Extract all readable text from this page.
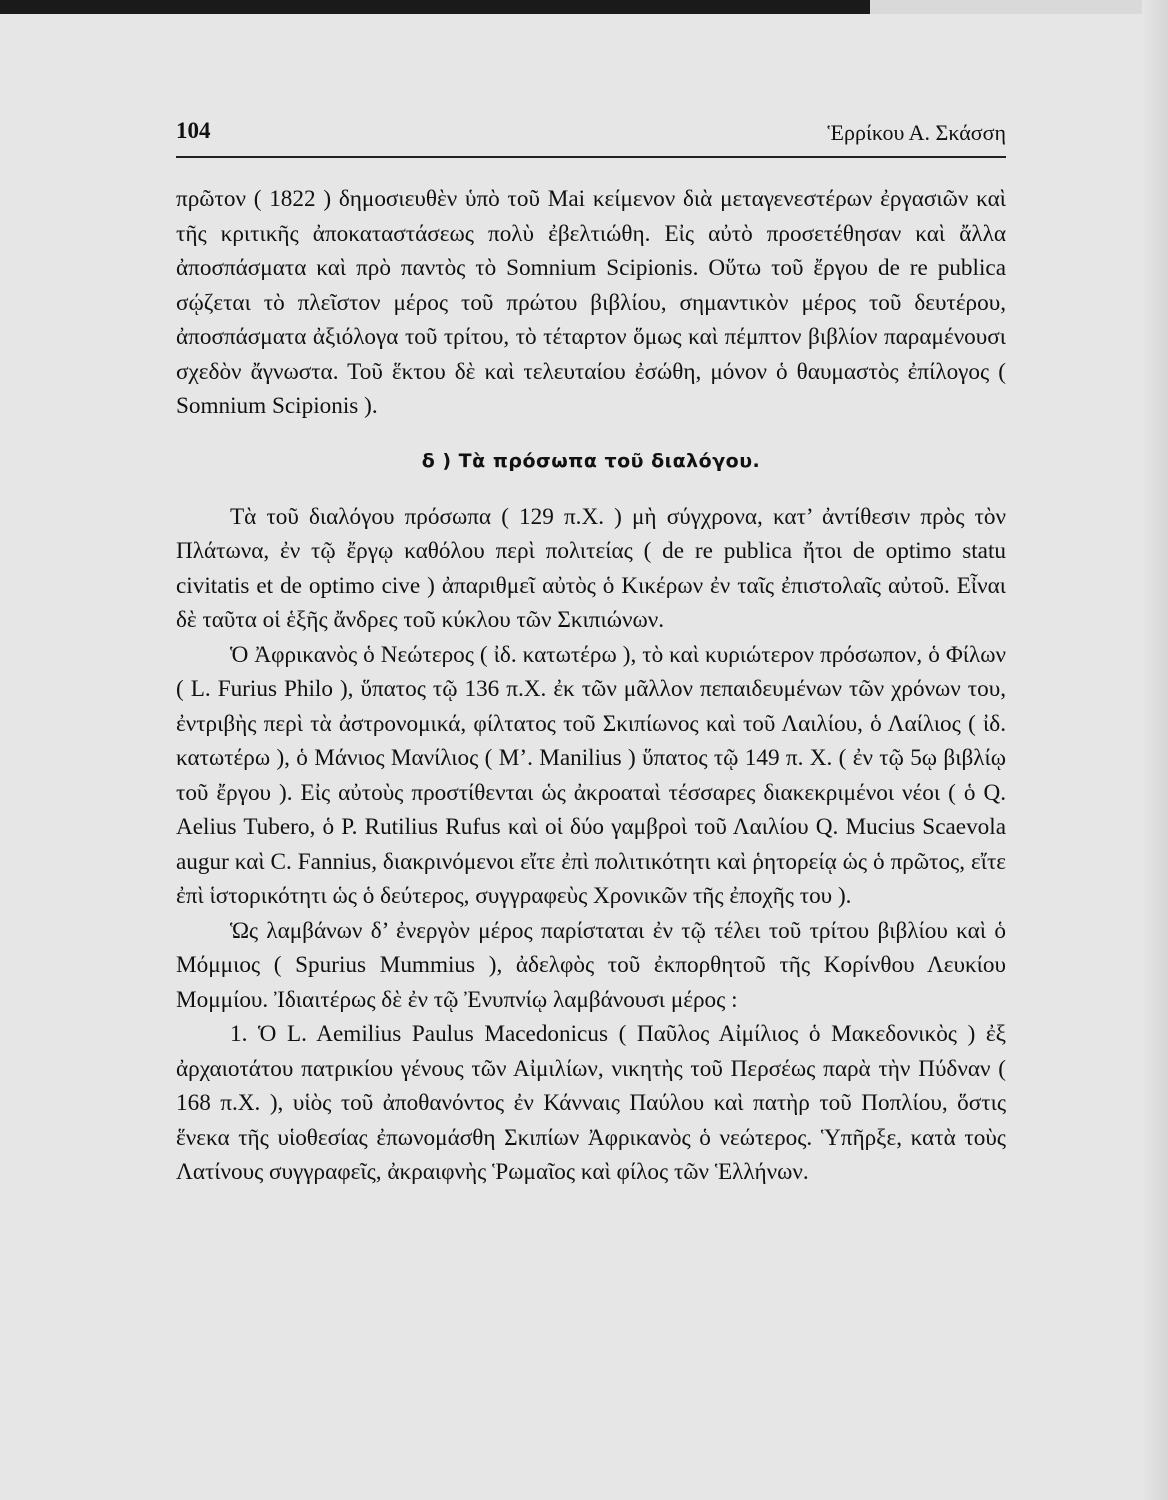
104	Ἑρρίκου Α. Σκάσση

πρῶτον ( 1822 ) δημοσιευθὲν ὑπὸ τοῦ Mai κείμενον διὰ μεταγενεστέρων ἐργασιῶν καὶ τῆς κριτικῆς ἀποκαταστάσεως πολὺ ἐβελτιώθη. Εἰς αὐτὸ προσετέθησαν καὶ ἄλλα ἀποσπάσματα καὶ πρὸ παντὸς τὸ Somnium Scipionis. Οὕτω τοῦ ἔργου de re publica σῴζεται τὸ πλεῖστον μέρος τοῦ πρώτου βιβλίου, σημαντικὸν μέρος τοῦ δευτέρου, ἀποσπάσματα ἀξιόλογα τοῦ τρίτου, τὸ τέταρτον ὅμως καὶ πέμπτον βιβλίον παραμένουσι σχεδὸν ἄγνωστα. Τοῦ ἕκτου δὲ καὶ τελευταίου ἐσώθη, μόνον ὁ θαυμαστὸς ἐπίλογος ( Somnium Scipionis ).

δ ) Τὰ πρόσωπα τοῦ διαλόγου.

Τὰ τοῦ διαλόγου πρόσωπα ( 129 π.Χ. ) μὴ σύγχρονα, κατ’ ἀντίθεσιν πρὸς τὸν Πλάτωνα, ἐν τῷ ἔργῳ καθόλου περὶ πολιτείας ( de re publica ἤτοι de optimo statu civitatis et de optimo cive ) ἀπαριθμεῖ αὐτὸς ὁ Κικέρων ἐν ταῖς ἐπιστολαῖς αὐτοῦ. Εἶναι δὲ ταῦτα οἱ ἑξῆς ἄνδρες τοῦ κύκλου τῶν Σκιπιώνων.

Ὁ Ἀφρικανὸς ὁ Νεώτερος ( ἰδ. κατωτέρω ), τὸ καὶ κυριώτερον πρόσωπον, ὁ Φίλων ( L. Furius Philo ), ὕπατος τῷ 136 π.Χ. ἐκ τῶν μᾶλλον πεπαιδευμένων τῶν χρόνων του, ἐντριβὴς περὶ τὰ ἀστρονομικά, φίλτατος τοῦ Σκιπίωνος καὶ τοῦ Λαιλίου, ὁ Λαίλιος ( ἰδ. κατωτέρω ), ὁ Μάνιος Μανίλιος ( M’. Manilius ) ὕπατος τῷ 149 π. Χ. ( ἐν τῷ 5ῳ βιβλίῳ τοῦ ἔργου ). Εἰς αὐτοὺς προστίθενται ὡς ἀκροαταὶ τέσσαρες διακεκριμένοι νέοι ( ὁ Q. Aelius Tubero, ὁ P. Rutilius Rufus καὶ οἱ δύο γαμβροὶ τοῦ Λαιλίου Q. Mucius Scaevola augur καὶ C. Fannius, διακρινόμενοι εἴτε ἐπὶ πολιτικότητι καὶ ῥητορείᾳ ὡς ὁ πρῶτος, εἴτε ἐπὶ ἱστορικότητι ὡς ὁ δεύτερος, συγγραφεὺς Χρονικῶν τῆς ἐποχῆς του ).

Ὡς λαμβάνων δ’ ἐνεργὸν μέρος παρίσταται ἐν τῷ τέλει τοῦ τρίτου βιβλίου καὶ ὁ Μόμμιος ( Spurius Mummius ), ἀδελφὸς τοῦ ἐκπορθητοῦ τῆς Κορίνθου Λευκίου Μομμίου. Ἰδιαιτέρως δὲ ἐν τῷ Ἐνυπνίῳ λαμβάνουσι μέρος :

1. Ὁ L. Aemilius Paulus Macedonicus ( Παῦλος Αἰμίλιος ὁ Μακεδονικὸς ) ἐξ ἀρχαιοτάτου πατρικίου γένους τῶν Αἰμιλίων, νικητὴς τοῦ Περσέως παρὰ τὴν Πύδναν ( 168 π.Χ. ), υἱὸς τοῦ ἀποθανόντος ἐν Κάνναις Παύλου καὶ πατὴρ τοῦ Ποπλίου, ὅστις ἕνεκα τῆς υἱοθεσίας ἐπωνομάσθη Σκιπίων Ἀφρικανὸς ὁ νεώτερος. Ὑπῆρξε, κατὰ τοὺς Λατίνους συγγραφεῖς, ἀκραιφνὴς Ῥωμαῖος καὶ φίλος τῶν Ἑλλήνων.
